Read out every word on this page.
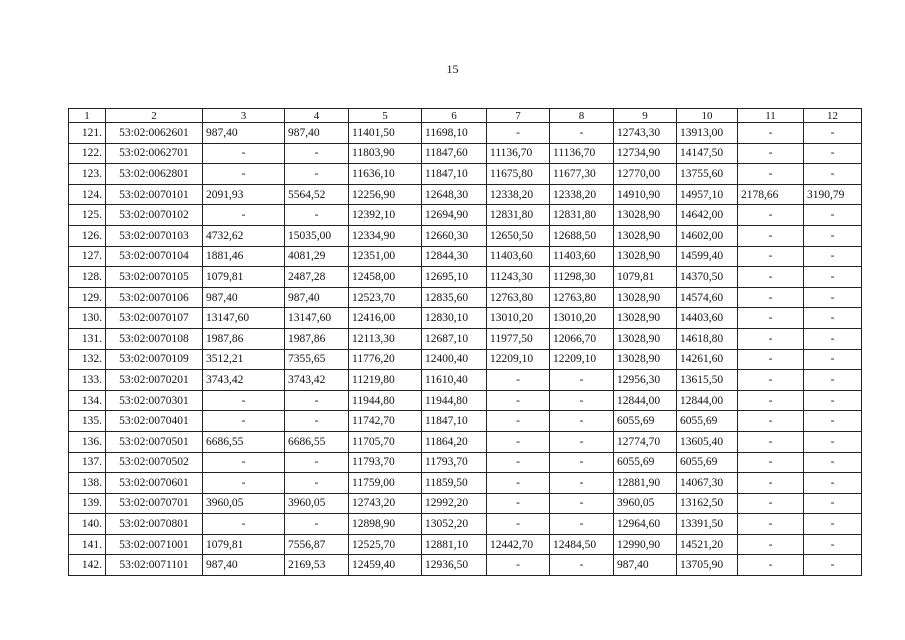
15
1	2	3	4	5	6	7	8	9	10	11	12
121.	53:02:0062601	987,40	987,40	11401,50	11698,10	-	-	12743,30	13913,00	-	-
122.	53:02:0062701	-	-	11803,90	11847,60	11136,70	11136,70	12734,90	14147,50	-	-
123.	53:02:0062801	-	-	11636,10	11847,10	11675,80	11677,30	12770,00	13755,60	-	-
124.	53:02:0070101	2091,93	5564,52	12256,90	12648,30	12338,20	12338,20	14910,90	14957,10	2178,66	3190,79
125.	53:02:0070102	-	-	12392,10	12694,90	12831,80	12831,80	13028,90	14642,00	-	-
126.	53:02:0070103	4732,62	15035,00	12334,90	12660,30	12650,50	12688,50	13028,90	14602,00	-	-
127.	53:02:0070104	1881,46	4081,29	12351,00	12844,30	11403,60	11403,60	13028,90	14599,40	-	-
128.	53:02:0070105	1079,81	2487,28	12458,00	12695,10	11243,30	11298,30	1079,81	14370,50	-	-
129.	53:02:0070106	987,40	987,40	12523,70	12835,60	12763,80	12763,80	13028,90	14574,60	-	-
130.	53:02:0070107	13147,60	13147,60	12416,00	12830,10	13010,20	13010,20	13028,90	14403,60	-	-
131.	53:02:0070108	1987,86	1987,86	12113,30	12687,10	11977,50	12066,70	13028,90	14618,80	-	-
132.	53:02:0070109	3512,21	7355,65	11776,20	12400,40	12209,10	12209,10	13028,90	14261,60	-	-
133.	53:02:0070201	3743,42	3743,42	11219,80	11610,40	-	-	12956,30	13615,50	-	-
134.	53:02:0070301	-	-	11944,80	11944,80	-	-	12844,00	12844,00	-	-
135.	53:02:0070401	-	-	11742,70	11847,10	-	-	6055,69	6055,69	-	-
136.	53:02:0070501	6686,55	6686,55	11705,70	11864,20	-	-	12774,70	13605,40	-	-
137.	53:02:0070502	-	-	11793,70	11793,70	-	-	6055,69	6055,69	-	-
138.	53:02:0070601	-	-	11759,00	11859,50	-	-	12881,90	14067,30	-	-
139.	53:02:0070701	3960,05	3960,05	12743,20	12992,20	-	-	3960,05	13162,50	-	-
140.	53:02:0070801	-	-	12898,90	13052,20	-	-	12964,60	13391,50	-	-
141.	53:02:0071001	1079,81	7556,87	12525,70	12881,10	12442,70	12484,50	12990,90	14521,20	-	-
142.	53:02:0071101	987,40	2169,53	12459,40	12936,50	-	-	987,40	13705,90	-	-
